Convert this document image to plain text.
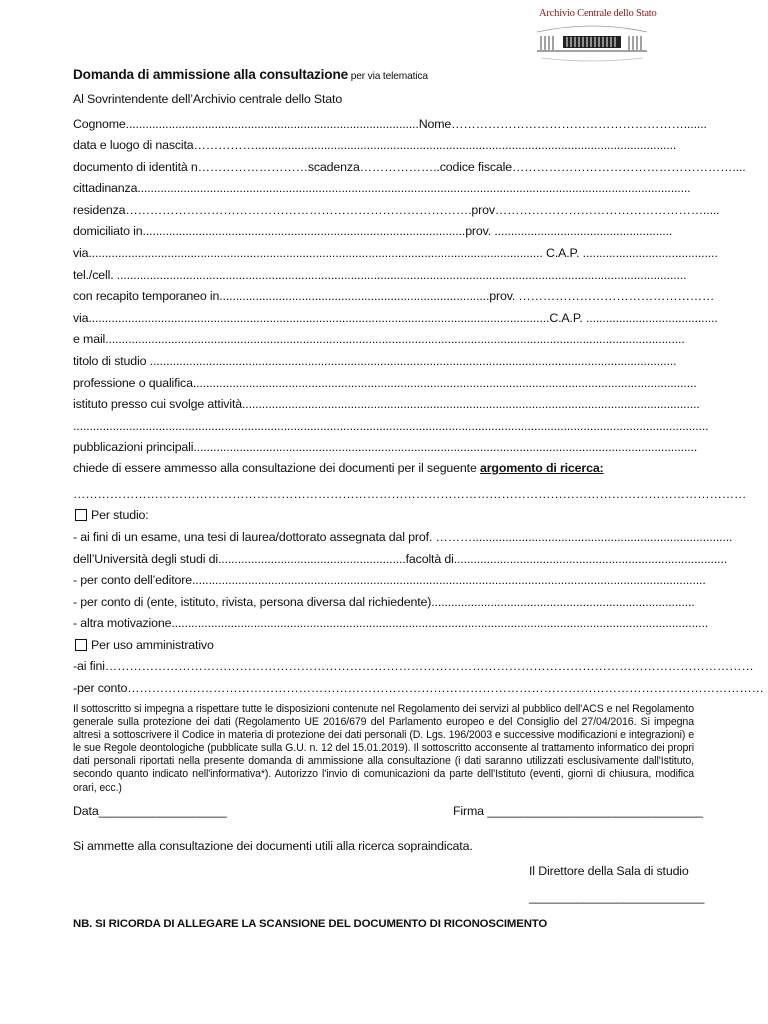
Archivio Centrale dello Stato
Domanda di ammissione alla consultazione per via telematica
Al Sovrintendente dell’Archivio centrale dello Stato
Cognome.........................................................................................Nome………………………………………………….......
data e luogo di nascita……………................................................................................................................................
documento di identità n………………………scadenza………………..codice fiscale………………………………………………....
cittadinanza........................................................................................................................................................................
residenza………………………………………………………………………….prov…………………………………………….....
domiciliato in..................................................................................................prov. ......................................................
via.......................................................................................................................................... C.A.P. .........................................
tel./cell. .............................................................................................................................................................................
con recapito temporaneo in..................................................................................prov. …………………………………………
via............................................................................................................................................C.A.P. ........................................
e mail................................................................................................................................................................................
titolo di studio ................................................................................................................................................................
professione o qualifica.........................................................................................................................................................
istituto presso cui svolge attività...........................................................................................................................................
.................................................................................................................................................................................................
pubblicazioni principali.........................................................................................................................................................
chiede di essere ammesso alla consultazione dei documenti per il seguente argomento di ricerca:
…………………………………………………………………………………………………………………………………………………
Per studio:
- ai fini di un esame, una tesi di laurea/dottorato assegnata dal prof. ………...............................................................................
dell’Università degli studi di.........................................................facoltà di...................................................................................
- per conto dell’editore............................................................................................................................................................
- per conto di (ente, istituto, rivista, persona diversa dal richiedente)................................................................................
- altra motivazione...................................................................................................................................................................
Per uso amministrativo
-ai fini……………………………………………………………………………………………………………………………………………
-per conto…………………………………………………………………………………………………………………………………………
Il sottoscritto si impegna a rispettare tutte le disposizioni contenute nel Regolamento dei servizi al pubblico dell'ACS e nel Regolamento generale sulla protezione dei dati (Regolamento UE 2016/679 del Parlamento europeo e del Consiglio del 27/04/2016. Si impegna altresì a sottoscrivere il Codice in materia di protezione dei dati personali (D. Lgs. 196/2003 e successive modificazioni e integrazioni) e le sue Regole deontologiche (pubblicate sulla G.U. n. 12 del 15.01.2019). Il sottoscritto acconsente al trattamento informatico dei propri dati personali riportati nella presente domanda di ammissione alla consultazione (i dati saranno utilizzati esclusivamente dall'Istituto, secondo quanto indicato nell'informativa*). Autorizzo l'invio di comunicazioni da parte dell'Istituto (eventi, giorni di chiusura, modifica orari, ecc.)
Data___________________	Firma ________________________________
Si ammette alla consultazione dei documenti utili alla ricerca sopraindicata.
Il Direttore della Sala di studio
__________________________
NB. SI RICORDA DI ALLEGARE LA SCANSIONE DEL DOCUMENTO DI RICONOSCIMENTO
